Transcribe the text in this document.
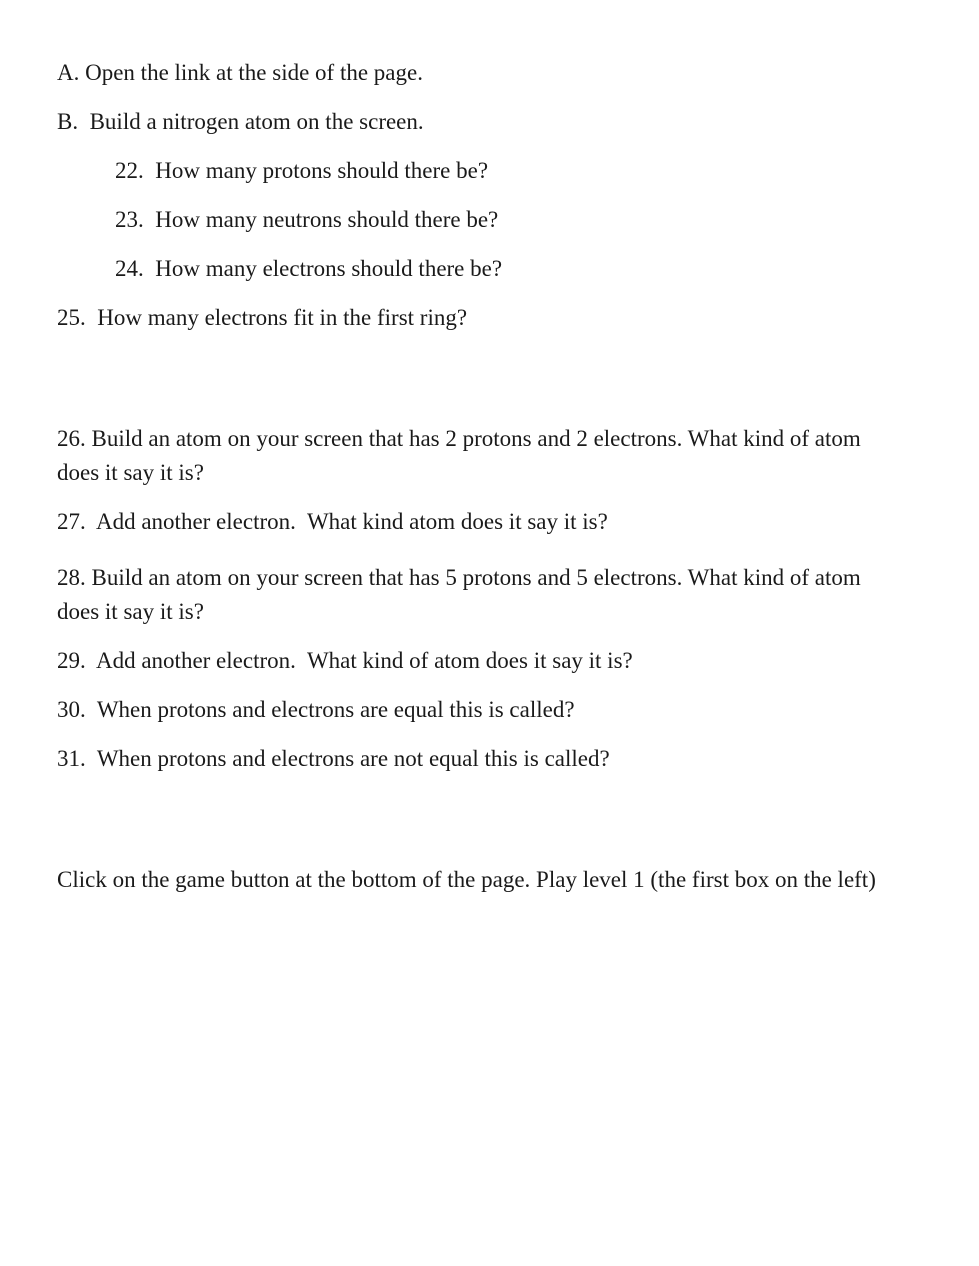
A. Open the link at the side of the page.

B.  Build a nitrogen atom on the screen.

22.  How many protons should there be?

23.  How many neutrons should there be?

24.  How many electrons should there be?

25.  How many electrons fit in the first ring?

26. Build an atom on your screen that has 2 protons and 2 electrons. What kind of atom does it say it is?

27.  Add another electron.  What kind atom does it say it is?

28. Build an atom on your screen that has 5 protons and 5 electrons. What kind of atom does it say it is?

29.  Add another electron.  What kind of atom does it say it is?

30.  When protons and electrons are equal this is called?

31.  When protons and electrons are not equal this is called?

Click on the game button at the bottom of the page. Play level 1 (the first box on the left)
